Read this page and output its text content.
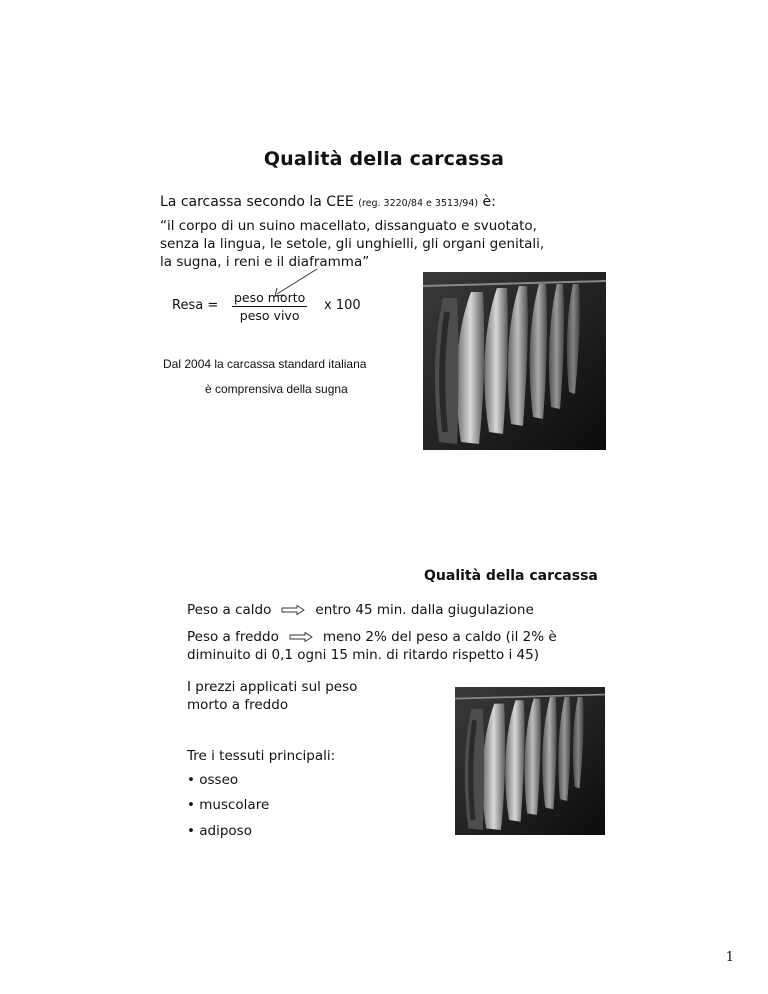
Qualità della carcassa
La carcassa secondo la CEE (reg. 3220/84 e 3513/94) è:
“il corpo di un suino macellato, dissanguato e svuotato,
senza la lingua, le setole, gli unghielli, gli organi genitali,
la sugna, i reni e il diaframma”
Resa =
peso morto
peso vivo
x 100
Dal 2004 la carcassa standard italiana
è comprensiva della sugna
Qualità della carcassa
Peso a caldo	entro 45 min. dalla giugulazione
Peso a freddo	meno 2% del peso a caldo (il 2% è
diminuito di 0,1 ogni 15 min. di ritardo rispetto i 45)
I prezzi applicati sul peso
morto a freddo
Tre i tessuti principali:
• osseo
• muscolare
• adiposo
1
